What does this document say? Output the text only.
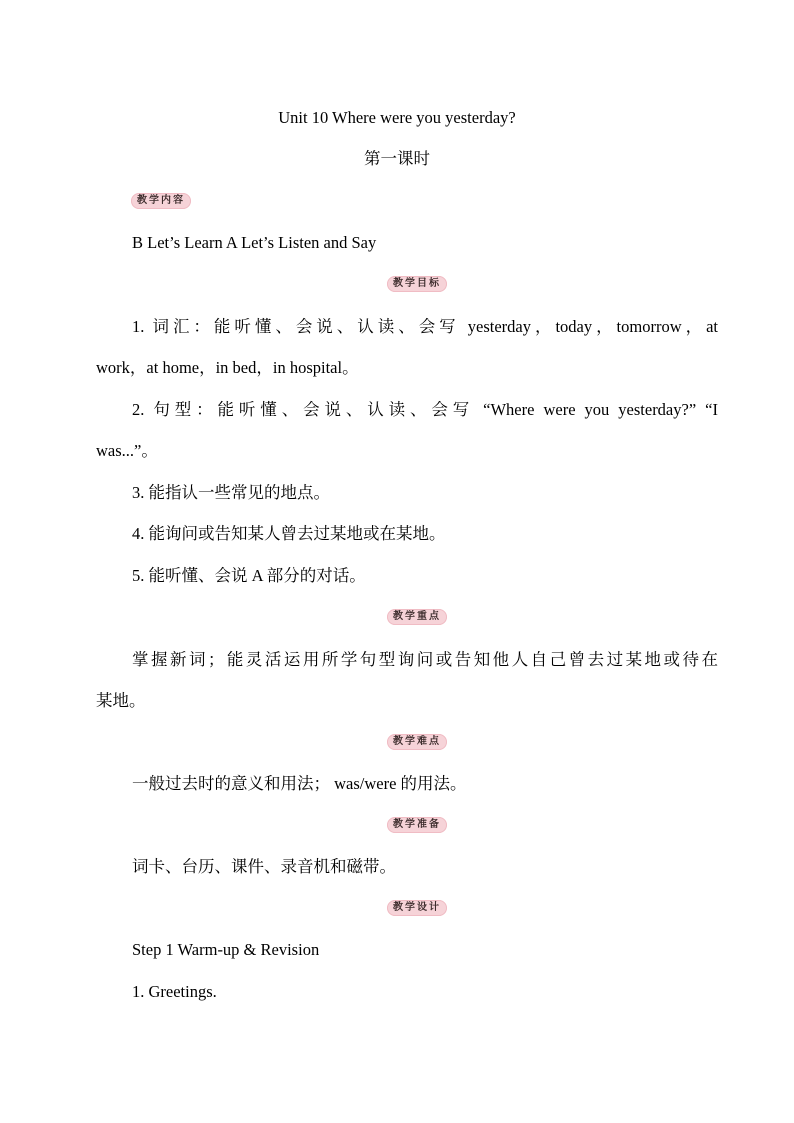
Unit 10 Where were you yesterday?
第一课时
教学内容
B Let’s Learn A Let’s Listen and Say
教学目标
1. 词汇：能听懂、会说、认读、会写 yesterday，today，tomorrow，at
work，at home，in bed，in hospital。
2. 句型：能听懂、会说、认读、会写 “Where were you yesterday?” “I
was...”。
3. 能指认一些常见的地点。
4. 能询问或告知某人曾去过某地或在某地。
5. 能听懂、会说 A 部分的对话。
教学重点
掌握新词；能灵活运用所学句型询问或告知他人自己曾去过某地或待在
某地。
教学难点
一般过去时的意义和用法； was/were 的用法。
教学准备
词卡、台历、课件、录音机和磁带。
教学设计
Step 1 Warm-up & Revision
1. Greetings.
